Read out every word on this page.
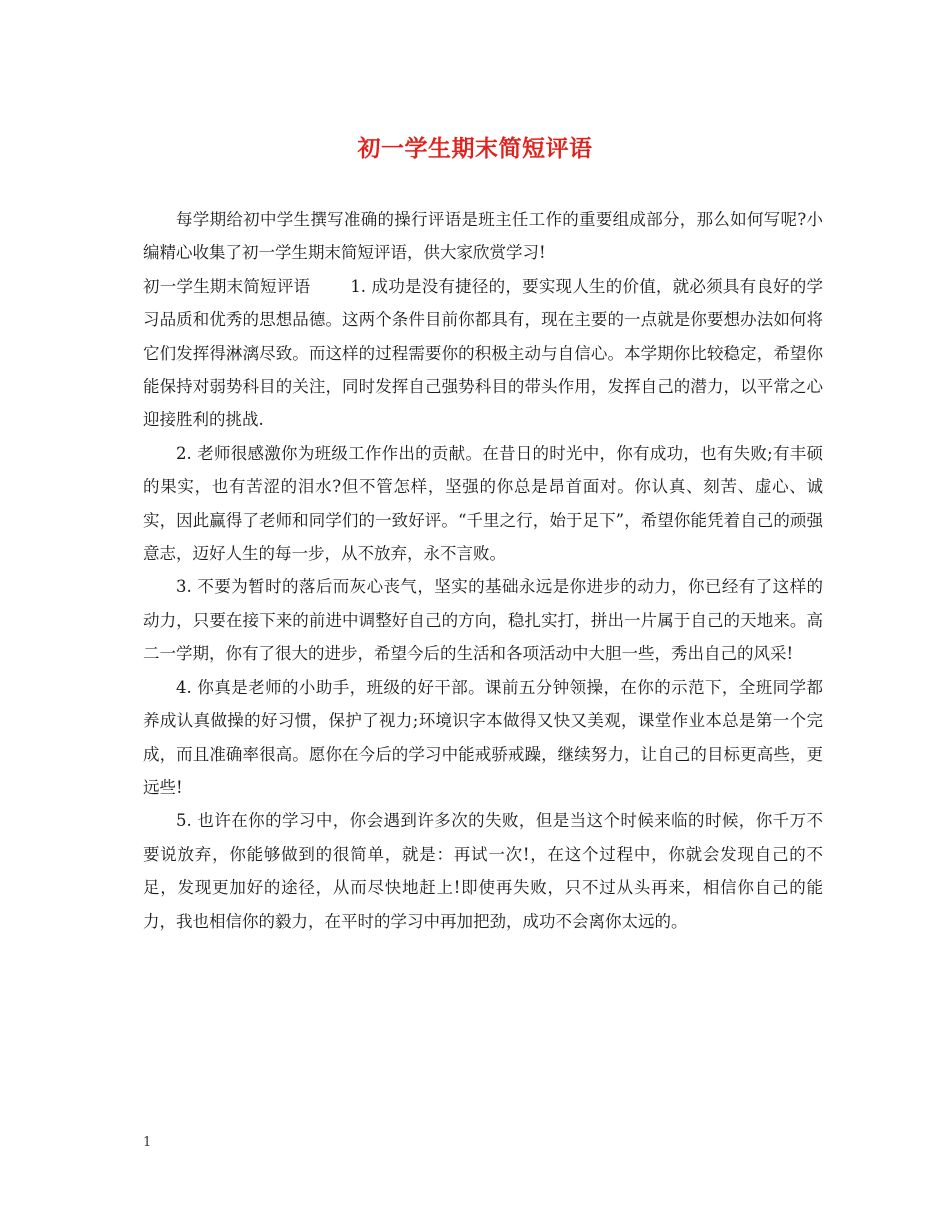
初一学生期末简短评语

每学期给初中学生撰写准确的操行评语是班主任工作的重要组成部分，那么如何写呢?小编精心收集了初一学生期末简短评语，供大家欣赏学习!

初一学生期末简短评语 1. 成功是没有捷径的，要实现人生的价值，就必须具有良好的学习品质和优秀的思想品德。这两个条件目前你都具有，现在主要的一点就是你要想办法如何将它们发挥得淋漓尽致。而这样的过程需要你的积极主动与自信心。本学期你比较稳定，希望你能保持对弱势科目的关注，同时发挥自己强势科目的带头作用，发挥自己的潜力，以平常之心迎接胜利的挑战.

2. 老师很感激你为班级工作作出的贡献。在昔日的时光中，你有成功，也有失败;有丰硕的果实，也有苦涩的泪水?但不管怎样，坚强的你总是昂首面对。你认真、刻苦、虚心、诚实，因此赢得了老师和同学们的一致好评。“千里之行，始于足下”，希望你能凭着自己的顽强意志，迈好人生的每一步，从不放弃，永不言败。

3. 不要为暂时的落后而灰心丧气，坚实的基础永远是你进步的动力，你已经有了这样的动力，只要在接下来的前进中调整好自己的方向，稳扎实打，拼出一片属于自己的天地来。高二一学期，你有了很大的进步，希望今后的生活和各项活动中大胆一些，秀出自己的风采!

4. 你真是老师的小助手，班级的好干部。课前五分钟领操，在你的示范下，全班同学都养成认真做操的好习惯，保护了视力;环境识字本做得又快又美观，课堂作业本总是第一个完成，而且准确率很高。愿你在今后的学习中能戒骄戒躁，继续努力，让自己的目标更高些，更远些!

5. 也许在你的学习中，你会遇到许多次的失败，但是当这个时候来临的时候，你千万不要说放弃，你能够做到的很简单，就是：再试一次!，在这个过程中，你就会发现自己的不足，发现更加好的途径，从而尽快地赶上!即使再失败，只不过从头再来，相信你自己的能力，我也相信你的毅力，在平时的学习中再加把劲，成功不会离你太远的。

1
